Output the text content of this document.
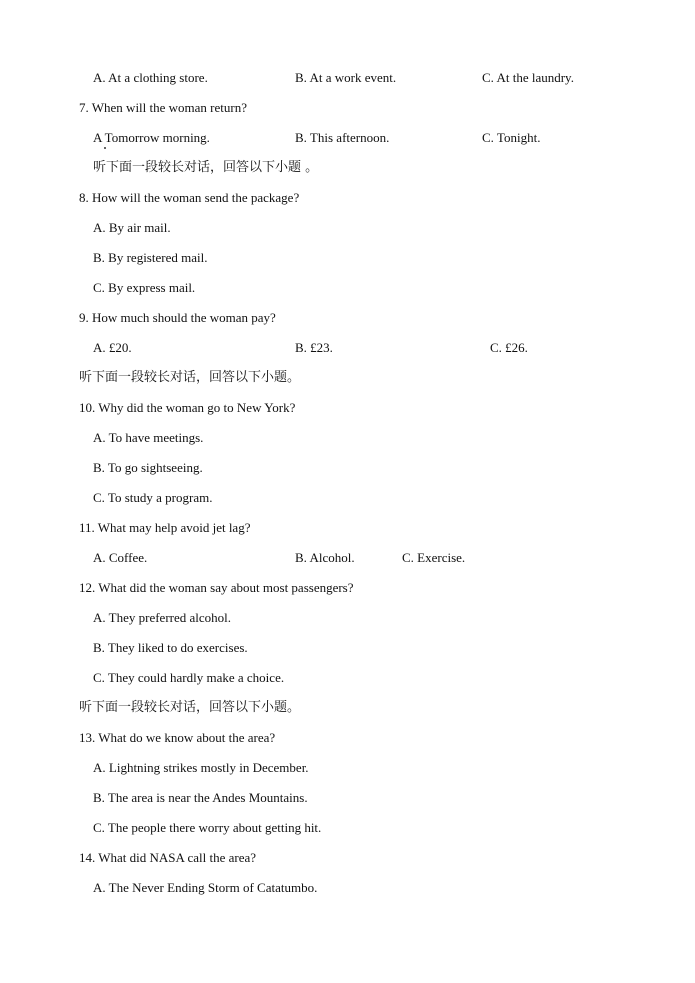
A. At a clothing store.	B. At a work event.	C. At the laundry.
7. When will the woman return?
A Tomorrow morning.	B. This afternoon.	C. Tonight.
听下面一段较长对话，回答以下小题 。
8. How will the woman send the package?
A. By air mail.
B. By registered mail.
C. By express mail.
9. How much should the woman pay?
A. £20.	B. £23.	C. £26.
听下面一段较长对话，回答以下小题。
10. Why did the woman go to New York?
A. To have meetings.
B. To go sightseeing.
C. To study a program.
11. What may help avoid jet lag?
A. Coffee.	B. Alcohol.	C. Exercise.
12. What did the woman say about most passengers?
A. They preferred alcohol.
B. They liked to do exercises.
C. They could hardly make a choice.
听下面一段较长对话，回答以下小题。
13. What do we know about the area?
A. Lightning strikes mostly in December.
B. The area is near the Andes Mountains.
C. The people there worry about getting hit.
14. What did NASA call the area?
A. The Never Ending Storm of Catatumbo.
